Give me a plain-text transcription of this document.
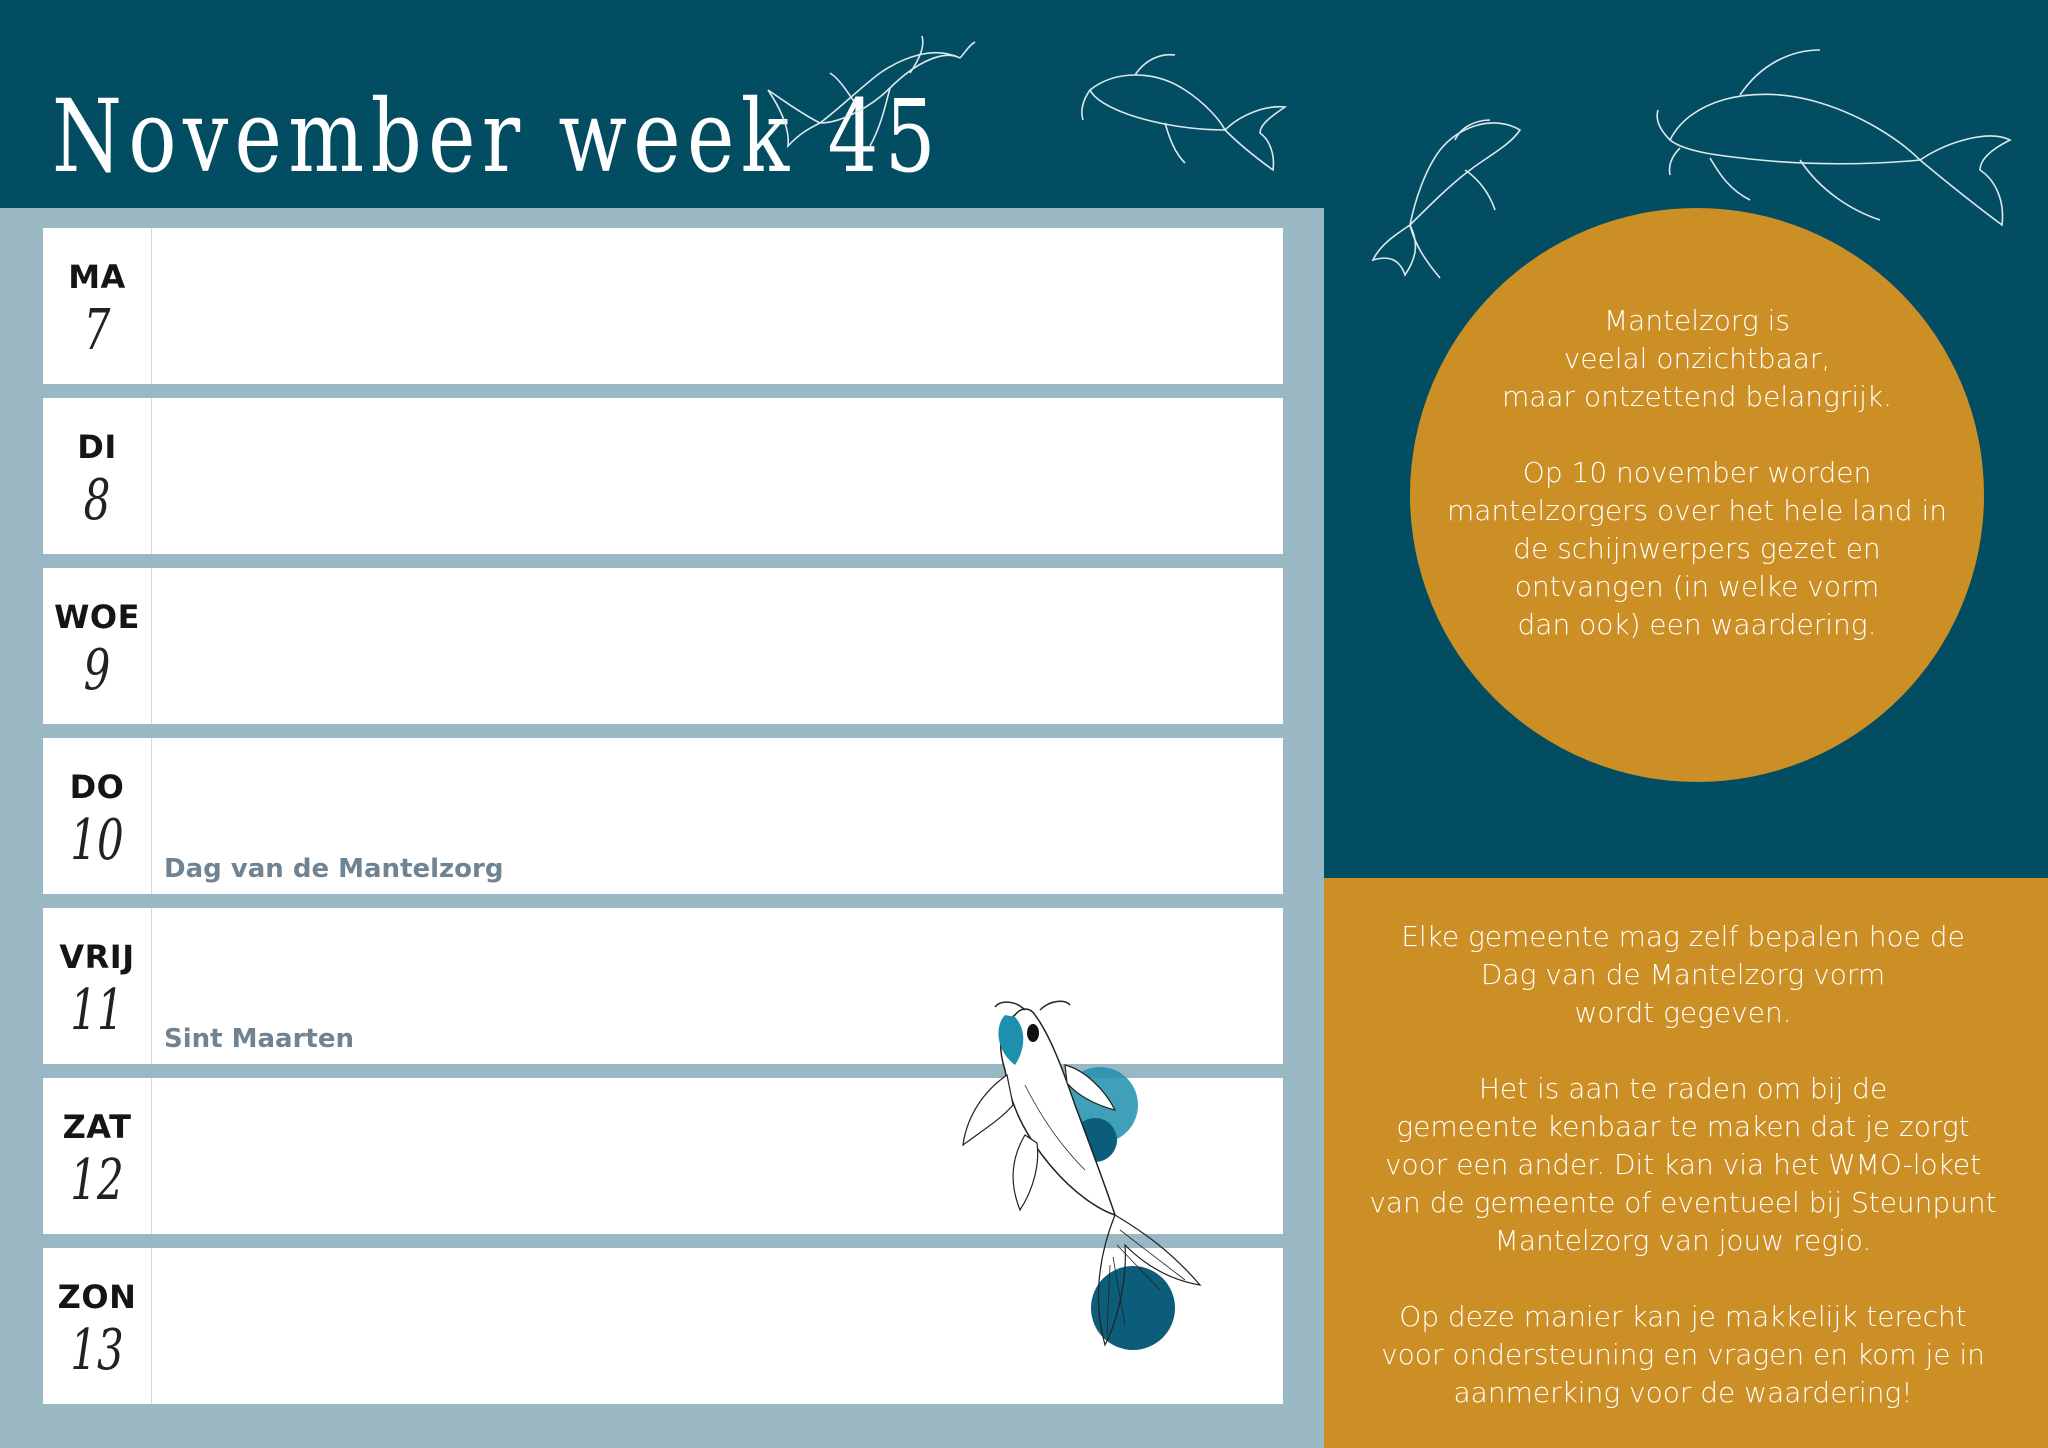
November week 45
MA
7
DI
8
WOE
9
DO
10	Dag van de Mantelzorg
VRIJ
11	Sint Maarten
ZAT
12
ZON
13
Mantelzorg is
veelal onzichtbaar,
maar ontzettend belangrijk.
Op 10 november worden
mantelzorgers over het hele land in
de schijnwerpers gezet en
ontvangen (in welke vorm
dan ook) een waardering.
Elke gemeente mag zelf bepalen hoe de
Dag van de Mantelzorg vorm
wordt gegeven.
Het is aan te raden om bij de
gemeente kenbaar te maken dat je zorgt
voor een ander. Dit kan via het WMO-loket
van de gemeente of eventueel bij Steunpunt
Mantelzorg van jouw regio.
Op deze manier kan je makkelijk terecht
voor ondersteuning en vragen en kom je in
aanmerking voor de waardering!
